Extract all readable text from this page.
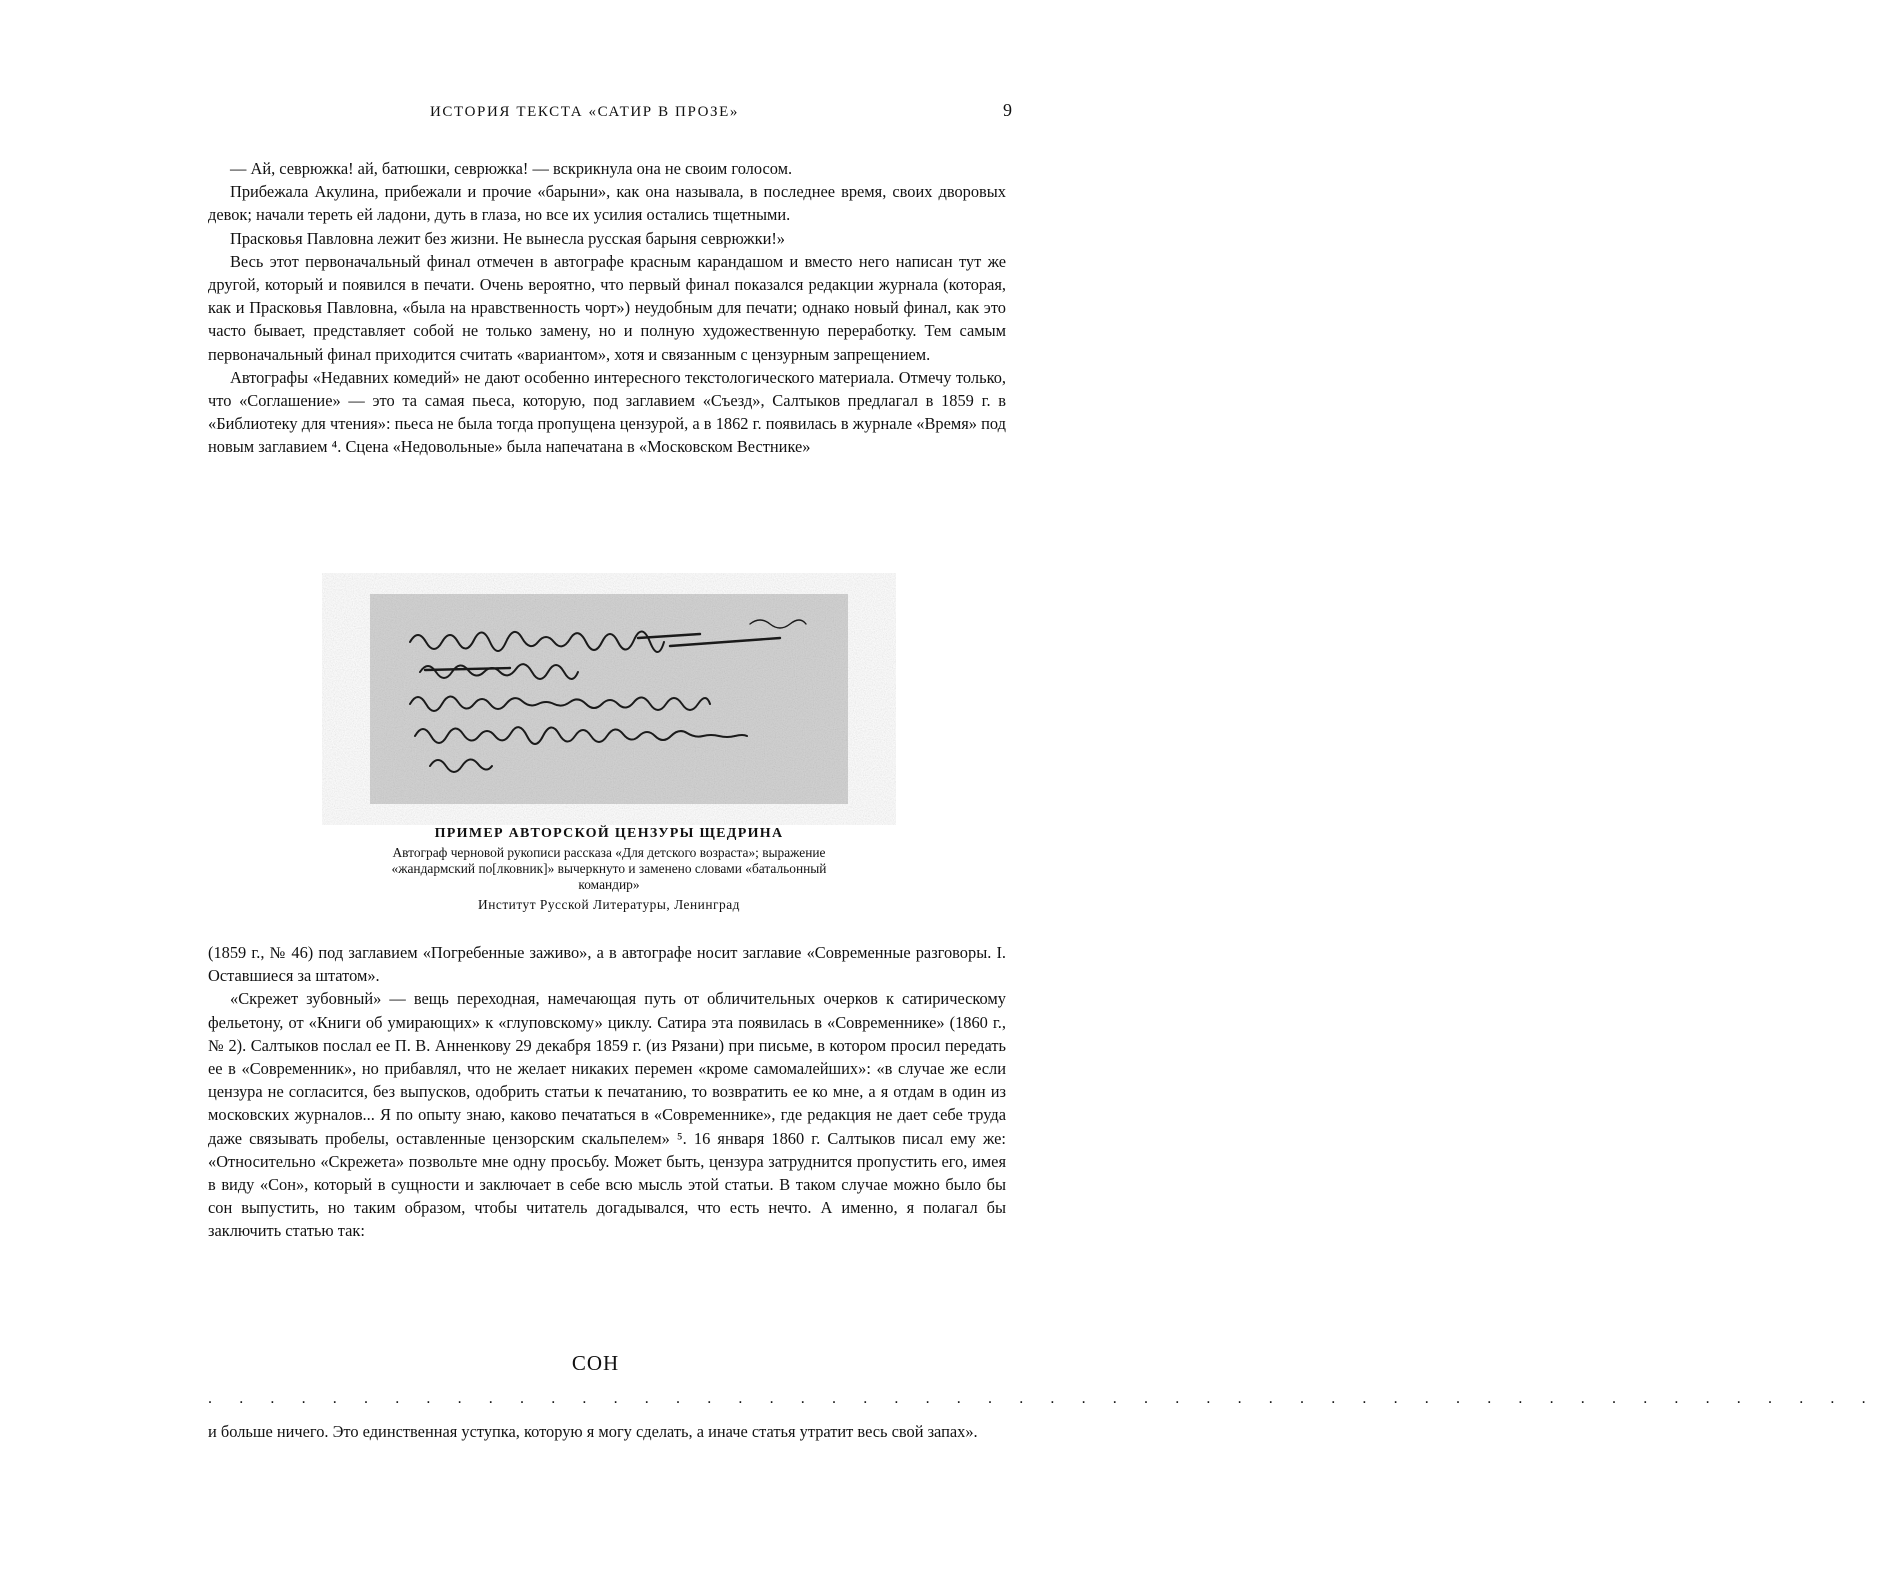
ИСТОРИЯ ТЕКСТА «САТИР В ПРОЗЕ»	9

— Ай, севрюжка! ай, батюшки, севрюжка! — вскрикнула она не своим голосом.

Прибежала Акулина, прибежали и прочие «барыни», как она называла, в последнее время, своих дворовых девок; начали тереть ей ладони, дуть в глаза, но все их усилия остались тщетными.

Прасковья Павловна лежит без жизни. Не вынесла русская барыня севрюжки!»

Весь этот первоначальный финал отмечен в автографе красным карандашом и вместо него написан тут же другой, который и появился в печати. Очень вероятно, что первый финал показался редакции журнала (которая, как и Прасковья Павловна, «была на нравственность чорт») неудобным для печати; однако новый финал, как это часто бывает, представляет собой не только замену, но и полную художественную переработку. Тем самым первоначальный финал приходится считать «вариантом», хотя и связанным с цензурным запрещением.

Автографы «Недавних комедий» не дают особенно интересного текстологического материала. Отмечу только, что «Соглашение» — это та самая пьеса, которую, под заглавием «Съезд», Салтыков предлагал в 1859 г. в «Библиотеку для чтения»: пьеса не была тогда пропущена цензурой, а в 1862 г. появилась в журнале «Время» под новым заглавием ⁴. Сцена «Недовольные» была напечатана в «Московском Вестнике»

ПРИМЕР АВТОРСКОЙ ЦЕНЗУРЫ ЩЕДРИНА
Автограф черновой рукописи рассказа «Для детского возраста»; выражение «жандармский по[лковник]» вычеркнуто и заменено словами «батальонный командир»
Институт Русской Литературы, Ленинград

(1859 г., № 46) под заглавием «Погребенные заживо», а в автографе носит заглавие «Современные разговоры. I. Оставшиеся за штатом».

«Скрежет зубовный» — вещь переходная, намечающая путь от обличительных очерков к сатирическому фельетону, от «Книги об умирающих» к «глуповскому» циклу. Сатира эта появилась в «Современнике» (1860 г., № 2). Салтыков послал ее П. В. Анненкову 29 декабря 1859 г. (из Рязани) при письме, в котором просил передать ее в «Современник», но прибавлял, что не желает никаких перемен «кроме самомалейших»: «в случае же если цензура не согласится, без выпусков, одобрить статьи к печатанию, то возвратить ее ко мне, а я отдам в один из московских журналов... Я по опыту знаю, каково печататься в «Современнике», где редакция не дает себе труда даже связывать пробелы, оставленные цензорским скальпелем» ⁵. 16 января 1860 г. Салтыков писал ему же: «Относительно «Скрежета» позвольте мне одну просьбу. Может быть, цензура затруднится пропустить его, имея в виду «Сон», который в сущности и заключает в себе всю мысль этой статьи. В таком случае можно было бы сон выпустить, но таким образом, чтобы читатель догадывался, что есть нечто. А именно, я полагал бы заключить статью так:

СОН
. . . . . . . . . . . . . . . . . . . . . . . . . . . . . . . . . . . . . . . . . . . . . . . . . . . . . .

и больше ничего. Это единственная уступка, которую я могу сделать, а иначе статья утратит весь свой запах».
